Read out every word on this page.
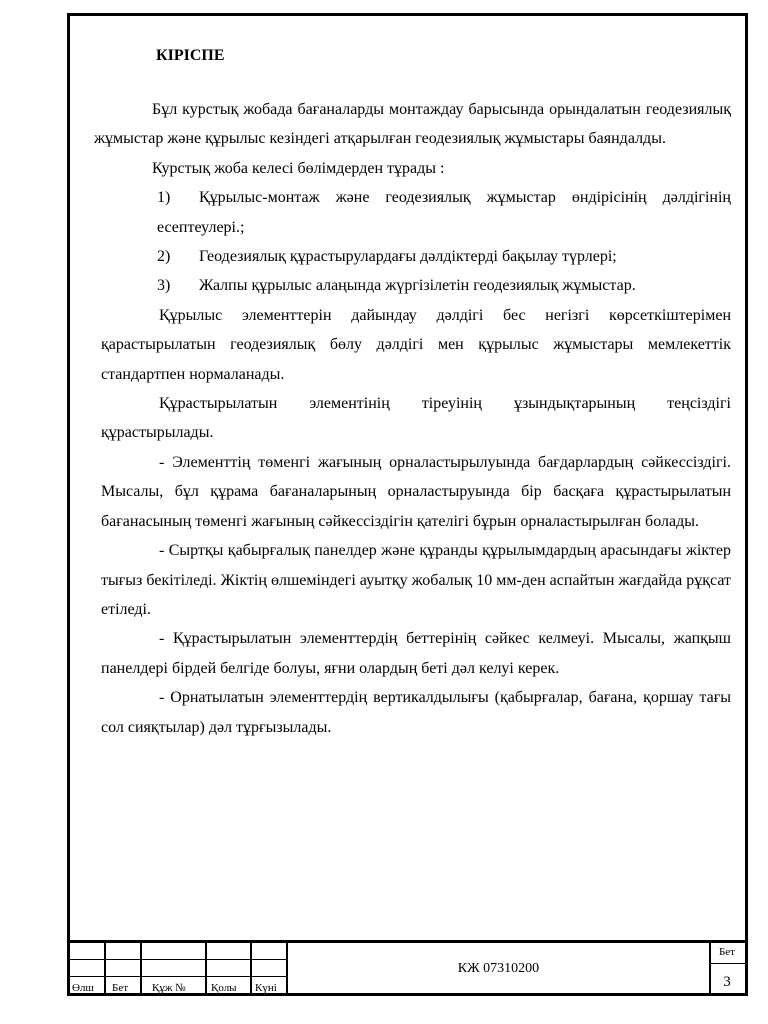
КІРІСПЕ

Бұл курстық жобада бағаналарды монтаждау барысында орындалатын геодезиялық жұмыстар және құрылыс кезіндегі атқарылған геодезиялық жұмыстары баяндалды.

Курстық жоба келесі бөлімдерден тұрады :

1)	Құрылыс-монтаж және геодезиялық жұмыстар өндірісінің дәлдігінің есептеулері.;
2) Геодезиялық құрастырулардағы дәлдіктерді бақылау түрлері;
3) Жалпы құрылыс алаңында жүргізілетін геодезиялық жұмыстар.

Құрылыс элементтерін дайындау дәлдігі бес негізгі көрсеткіштерімен қарастырылатын геодезиялық бөлу дәлдігі мен құрылыс жұмыстары мемлекеттік стандартпен нормаланады.

Құрастырылатын элементінің тіреуінің ұзындықтарының теңсіздігі құрастырылады.

- Элементтің төменгі жағының орналастырылуында бағдарлардың сәйкессіздігі. Мысалы, бұл құрама бағаналарының орналастыруында бір басқаға құрастырылатын бағанасының төменгі жағының сәйкессіздігін қателігі бұрын орналастырылған болады.

- Сыртқы қабырғалық панелдер және құранды құрылымдардың арасындағы жіктер тығыз бекітіледі. Жіктің өлшеміндегі ауытқу жобалық 10 мм-ден аспайтын жағдайда рұқсат етіледі.

- Құрастырылатын элементтердің беттерінің сәйкес келмеуі. Мысалы, жапқыш панелдері бірдей белгіде болуы, яғни олардың беті дәл келуі керек.

- Орнатылатын элементтердің вертикалдылығы (қабырғалар, бағана, қоршау тағы сол сияқтылар) дәл тұрғызылады.

Өлш Бет Құж № Қолы Күні
КЖ 07310200
Бет
3
